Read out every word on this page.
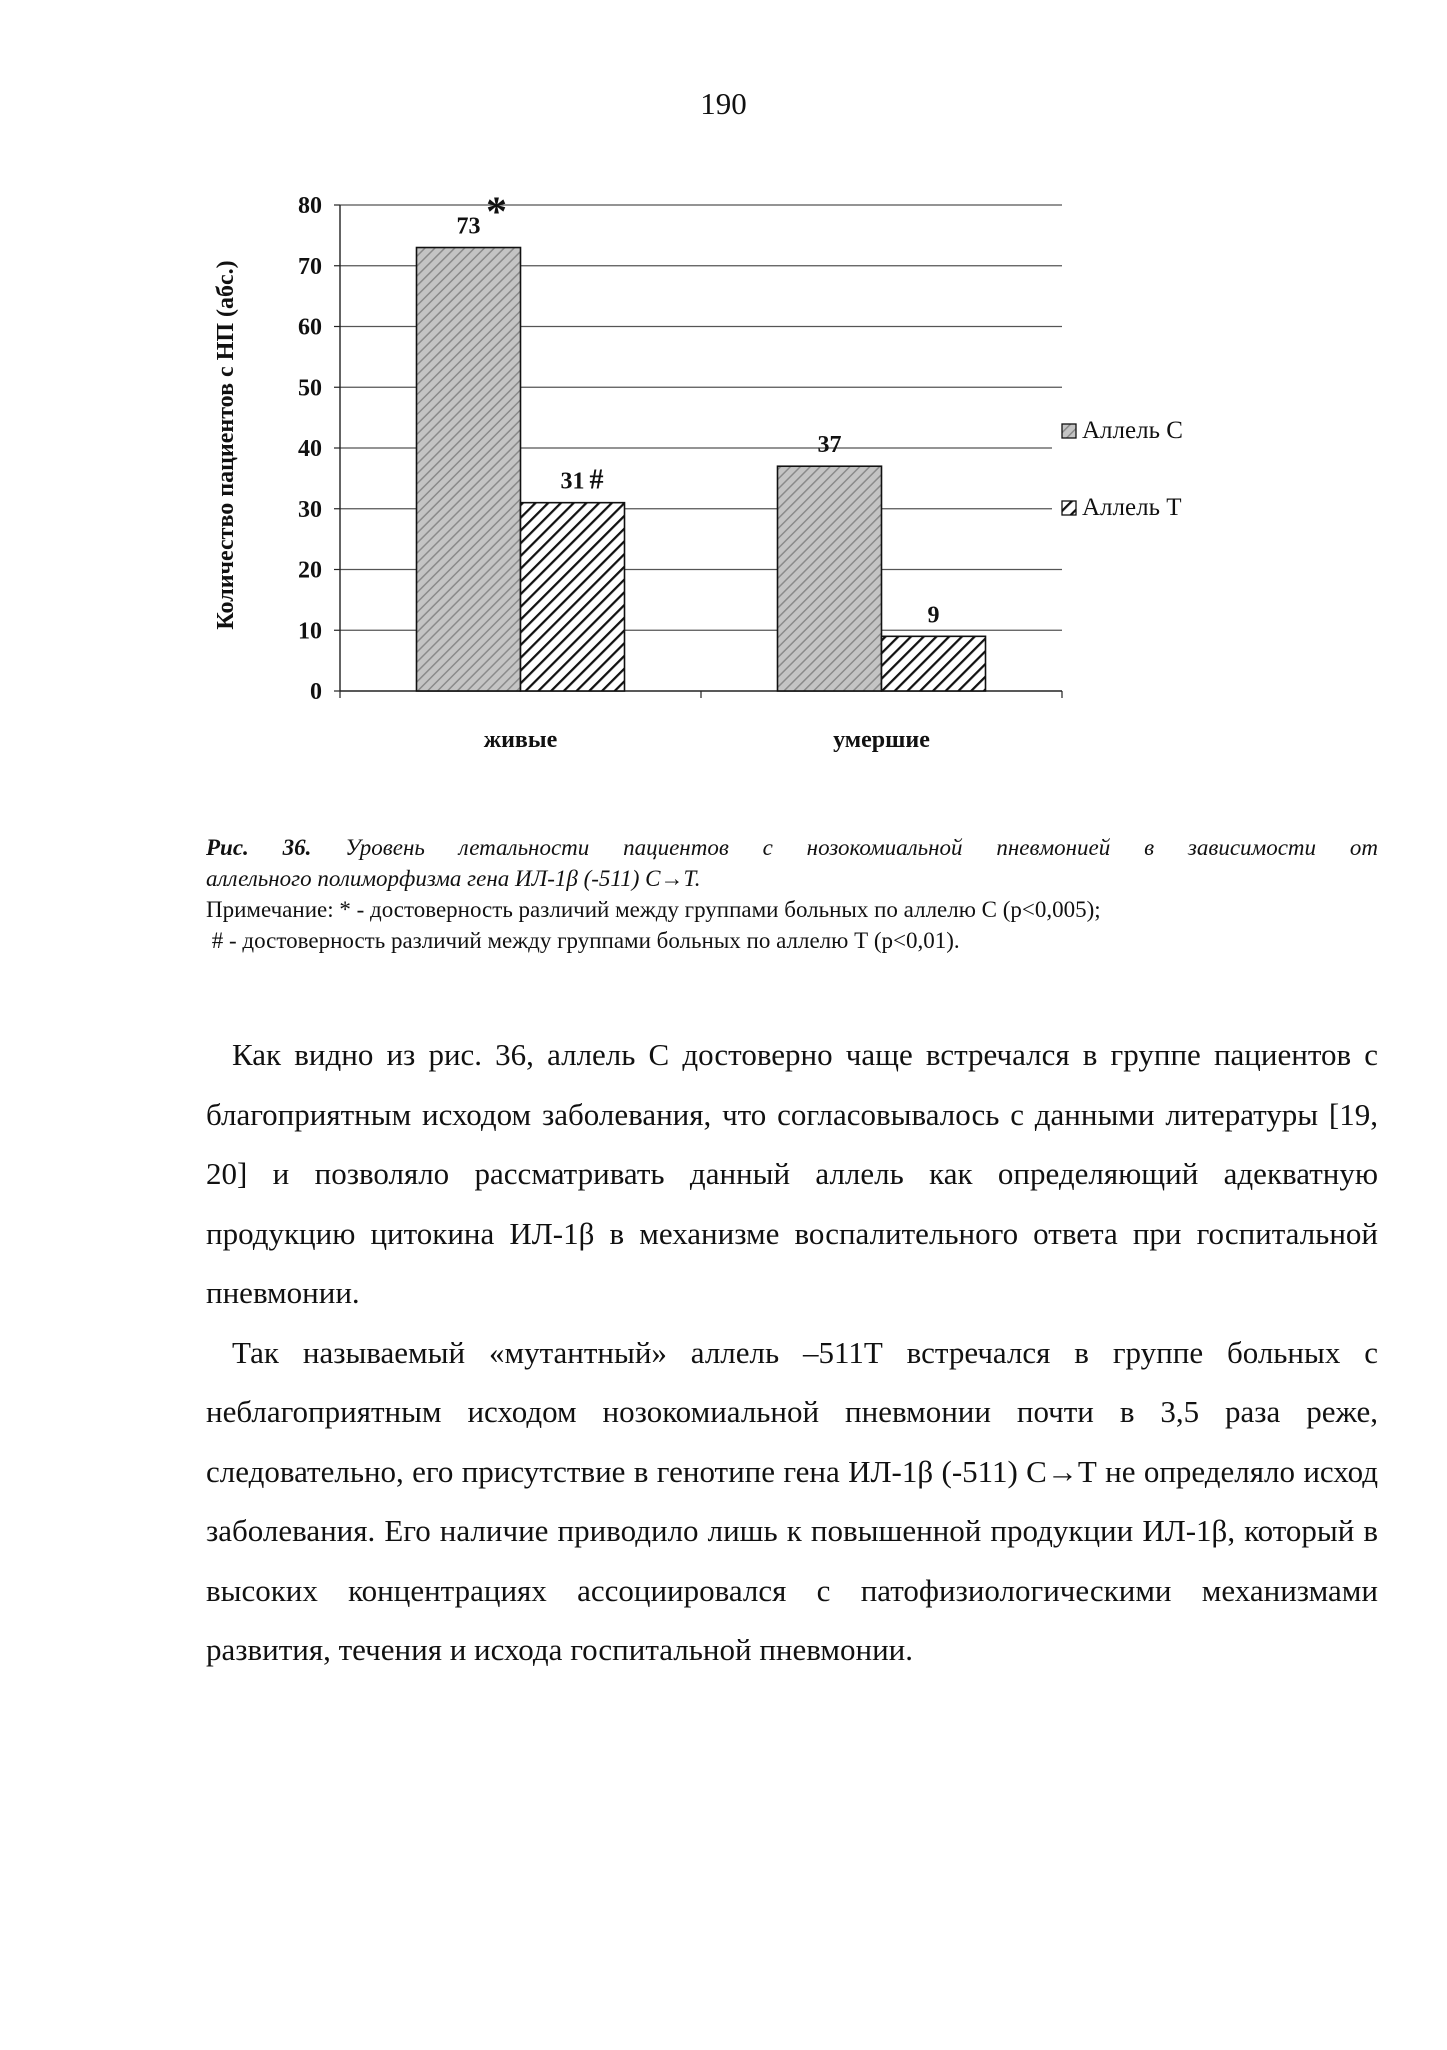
190
0
10
20
30
40
50
60
70
80
73 *
31 #
живые
37
9
умершие
Аллель С
Аллель Т
Количество пациентов с НП (абс.)
Рис. 36. Уровень летальности пациентов с нозокомиальной пневмонией в зависимости от
аллельного полиморфизма гена ИЛ-1β (-511) С→Т.
Примечание: * - достоверность различий между группами больных по аллелю С (р<0,005);
# - достоверность различий между группами больных по аллелю Т (р<0,01).

Как видно из рис. 36, аллель С достоверно чаще встречался в группе пациентов с благоприятным исходом заболевания, что согласовывалось с данными литературы [19, 20] и позволяло рассматривать данный аллель как определяющий адекватную продукцию цитокина ИЛ-1β в механизме воспалительного ответа при госпитальной пневмонии.

Так называемый «мутантный» аллель –511Т встречался в группе больных с неблагоприятным исходом нозокомиальной пневмонии почти в 3,5 раза реже, следовательно, его присутствие в генотипе гена ИЛ-1β (-511) С→Т не определяло исход заболевания. Его наличие приводило лишь к повышенной продукции ИЛ-1β, который в высоких концентрациях ассоциировался с патофизиологическими механизмами развития, течения и исхода госпитальной пневмонии.
